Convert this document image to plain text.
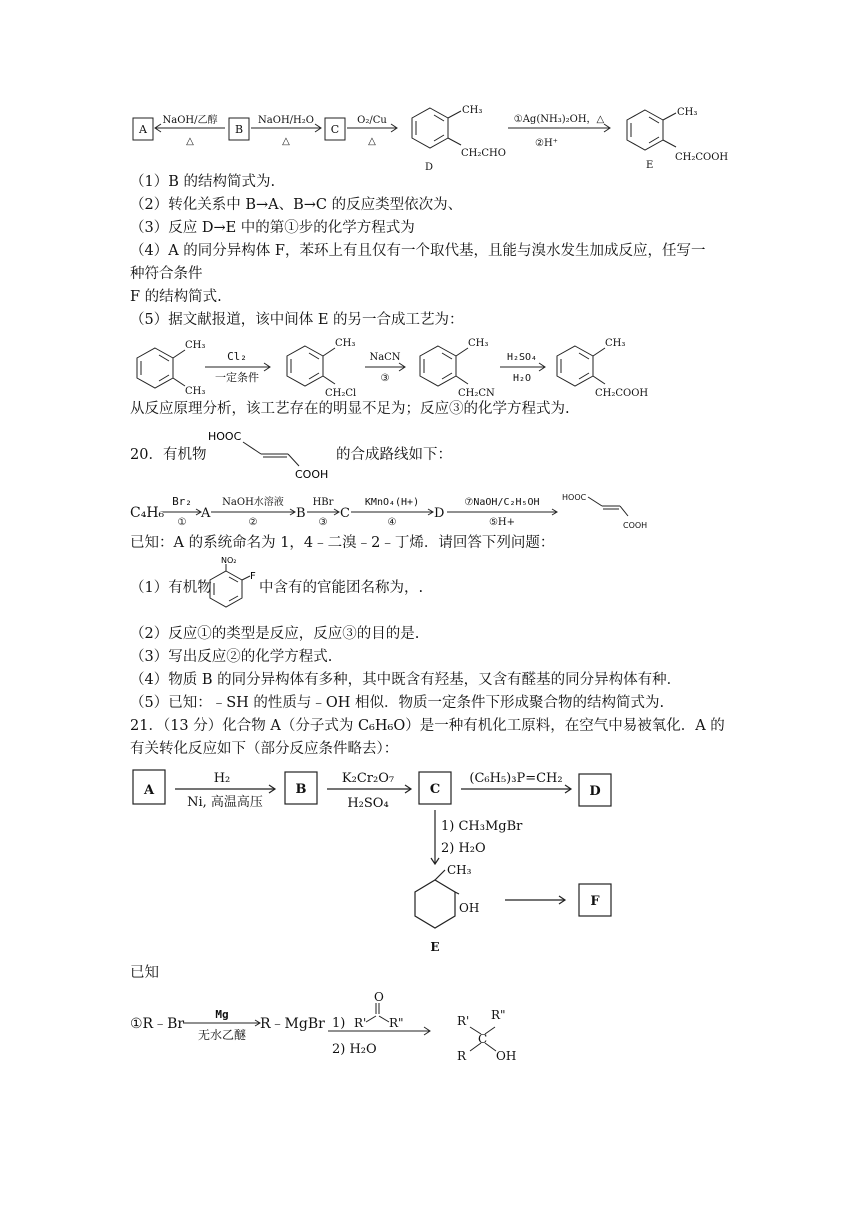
A	B	C
NaOH/乙醇
△
NaOH/H₂O
△
O₂/Cu
△
CH₃
CH₂CHO
D
①Ag(NH₃)₂OH，△
②H⁺
CH₃
CH₂COOH
E
（1）B 的结构简式为.
（2）转化关系中 B→A、B→C 的反应类型依次为、
（3）反应 D→E 中的第①步的化学方程式为
（4）A 的同分异构体 F，苯环上有且仅有一个取代基，且能与溴水发生加成反应，任写一
种符合条件
F 的结构简式.
（5）据文献报道，该中间体 E 的另一合成工艺为：
CH₃
CH₃
Cl₂
一定条件
CH₃
CH₂Cl
NaCN
③
CH₃
CH₂CN
H₂SO₄
H₂O
CH₃
CH₂COOH
从反应原理分析，该工艺存在的明显不足为；反应③的化学方程式为.
20．有机物
HOOC
COOH
的合成路线如下：
C₄H₆
Br₂
①
A
NaOH水溶液
②
B
HBr
③
C
KMnO₄(H+)
④
D
⑦NaOH/C₂H₅OH
⑤H+
HOOC
COOH
已知：A 的系统命名为 1，4﹣二溴﹣2﹣丁烯．请回答下列问题：
（1）有机物
NO₂
F
中含有的官能团名称为，.
（2）反应①的类型是反应，反应③的目的是.
（3）写出反应②的化学方程式.
（4）物质 B 的同分异构体有多种，其中既含有羟基，又含有醛基的同分异构体有种．
（5）已知：﹣SH 的性质与﹣OH 相似．物质一定条件下形成聚合物的结构简式为.
21．（13 分）化合物 A（分子式为 C₆H₆O）是一种有机化工原料，在空气中易被氧化．A 的
有关转化反应如下（部分反应条件略去）：
A	B	C	D
F
H₂
Ni, 高温高压
K₂Cr₂O₇
H₂SO₄
(C₆H₅)₃P=CH₂
1) CH₃MgBr
2) H₂O
CH₃
OH
E
已知
①R﹣Br
Mg
无水乙醚
R﹣MgBr 1)
O
R' R"
2) H₂O
R' R"
R
C
OH
